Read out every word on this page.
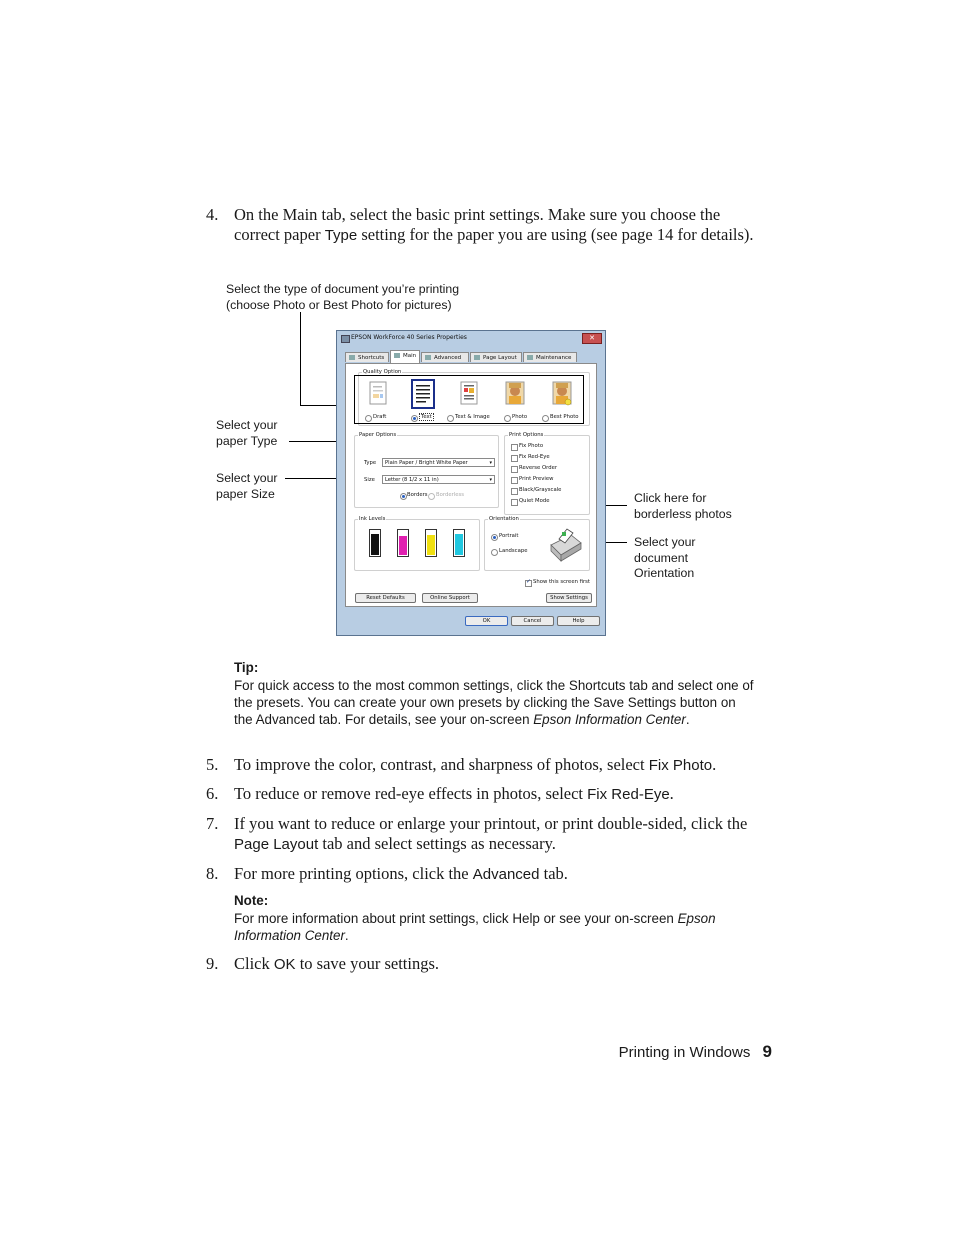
4. On the Main tab, select the basic print settings. Make sure you choose the correct paper Type setting for the paper you are using (see page 14 for details).
Select the type of document you’re printing
(choose Photo or Best Photo for pictures)
Select your
paper Type
Select your
paper Size	Click here for
borderless photos
Select your
document
Orientation
EPSON WorkForce 40 Series Properties	✕
Shortcuts	Main	Advanced	Page Layout	Maintenance
Quality Option
Draft	Text	Text & Image	Photo	Best Photo
Paper Options
Type	Plain Paper / Bright White Paper	▾
Size	Letter (8 1/2 x 11 in)	▾
Borders Borderless
Print Options
Fix Photo
Fix Red-Eye
Reverse Order
Print Preview
Black/Grayscale
Quiet Mode
Ink Levels	Orientation
Portrait
Landscape
✓
Show this screen first
Reset Defaults	Online Support	Show Settings
OK	Cancel	Help
Tip:
For quick access to the most common settings, click the Shortcuts tab and select one of the presets. You can create your own presets by clicking the Save Settings button on the Advanced tab. For details, see your on-screen Epson Information Center.
5. To improve the color, contrast, and sharpness of photos, select Fix Photo.
6. To reduce or remove red-eye effects in photos, select Fix Red-Eye.
7. If you want to reduce or enlarge your printout, or print double-sided, click the Page Layout tab and select settings as necessary.
8. For more printing options, click the Advanced tab.
Note:
For more information about print settings, click Help or see your on-screen Epson Information Center.
9. Click OK to save your settings.
Printing in Windows 9
